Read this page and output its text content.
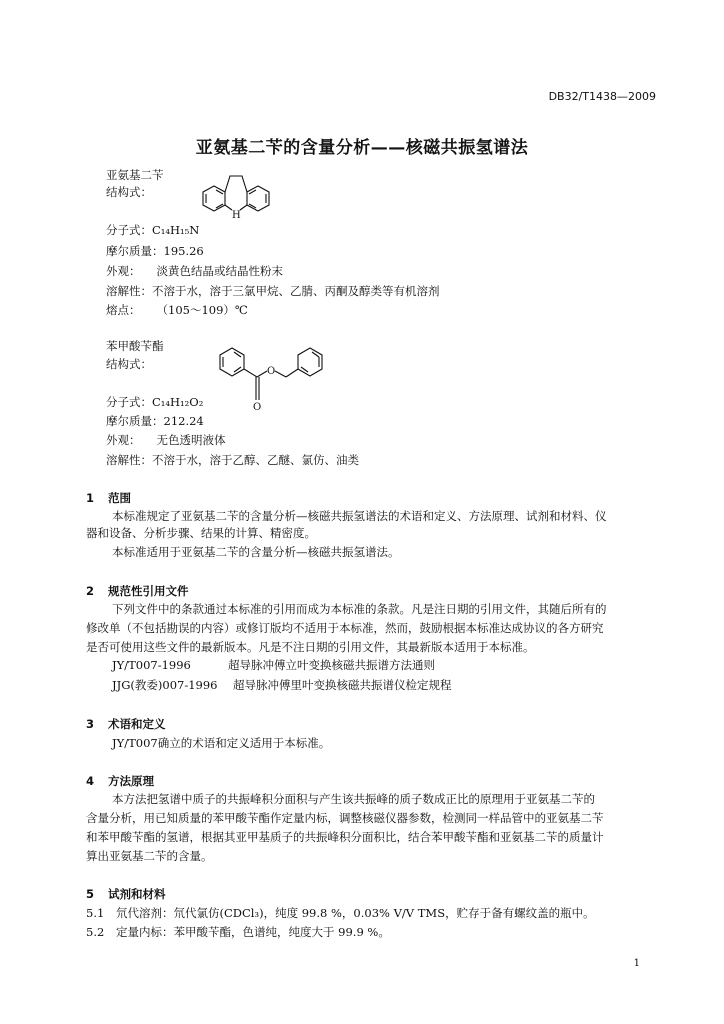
DB32/T1438—2009
亚氨基二苄的含量分析——核磁共振氢谱法
亚氨基二苄
结构式：
H
分子式：C₁₄H₁₅N
摩尔质量：195.26
外观： 淡黄色结晶或结晶性粉末
溶解性：不溶于水，溶于三氯甲烷、乙腈、丙酮及醇类等有机溶剂
熔点： （105～109）℃
苯甲酸苄酯
结构式：
O
O
分子式：C₁₄H₁₂O₂
摩尔质量：212.24
外观： 无色透明液体
溶解性：不溶于水，溶于乙醇、乙醚、氯仿、油类
1 范围
本标准规定了亚氨基二苄的含量分析—核磁共振氢谱法的术语和定义、方法原理、试剂和材料、仪
器和设备、分析步骤、结果的计算、精密度。
本标准适用于亚氨基二苄的含量分析—核磁共振氢谱法。
2 规范性引用文件
下列文件中的条款通过本标准的引用而成为本标准的条款。凡是注日期的引用文件，其随后所有的
修改单（不包括勘误的内容）或修订版均不适用于本标准，然而，鼓励根据本标准达成协议的各方研究
是否可使用这些文件的最新版本。凡是不注日期的引用文件，其最新版本适用于本标准。
JY/T007-1996	超导脉冲傅立叶变换核磁共振谱方法通则
JJG(教委)007-1996 超导脉冲傅里叶变换核磁共振谱仪检定规程
3 术语和定义
JY/T007确立的术语和定义适用于本标准。
4 方法原理
本方法把氢谱中质子的共振峰积分面积与产生该共振峰的质子数成正比的原理用于亚氨基二苄的
含量分析，用已知质量的苯甲酸苄酯作定量内标，调整核磁仪器参数，检测同一样品管中的亚氨基二苄
和苯甲酸苄酯的氢谱，根据其亚甲基质子的共振峰积分面积比，结合苯甲酸苄酯和亚氨基二苄的质量计
算出亚氨基二苄的含量。
5 试剂和材料
5.1 氘代溶剂：氘代氯仿(CDCl₃)，纯度 99.8 %，0.03% V/V TMS，贮存于备有螺纹盖的瓶中。
5.2 定量内标：苯甲酸苄酯，色谱纯，纯度大于 99.9 %。
1
